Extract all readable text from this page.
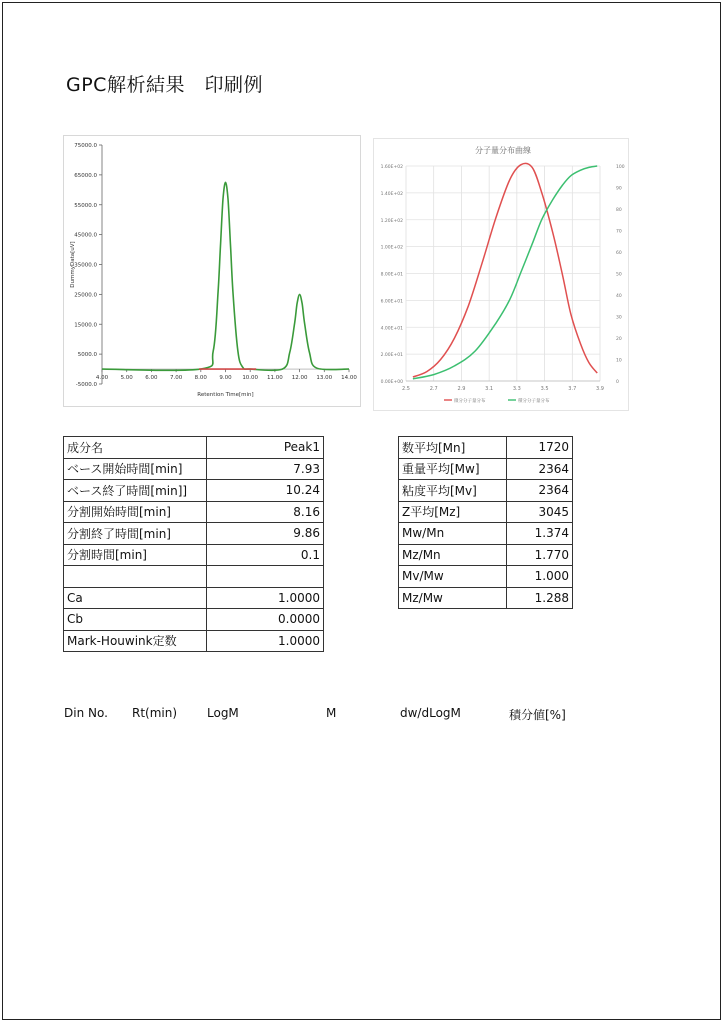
GPC解析結果　印刷例
-5000.0
5000.0
15000.0
25000.0
35000.0
45000.0
55000.0
65000.0
75000.0
4.00 5.00 6.00 7.00 8.00 9.00 10.00 11.00 12.00 13.00 14.00
Retention Time[min]
DummyData[uV]
分子量分布曲線
2.5	2.7	2.9	3.1	3.3	3.5	3.7	3.9
0.00E+00
2.00E+01
4.00E+01
6.00E+01
8.00E+01
1.00E+02
1.20E+02
1.40E+02
1.60E+02
0
10
20
30
40
50
60
70
80
90
100
微分分子量分布	積分分子量分布
成分名	Peak1
ベース開始時間[min]	7.93
ベース終了時間[min]]	10.24
分割開始時間[min]	8.16
分割終了時間[min]	9.86
分割時間[min]	0.1

Ca	1.0000
Cb	0.0000
Mark-Houwink定数	1.0000
数平均[Mn]	1720
重量平均[Mw]	2364
粘度平均[Mv]	2364
Z平均[Mz]	3045
Mw/Mn	1.374
Mz/Mn	1.770
Mv/Mw	1.000
Mz/Mw	1.288
Din No. Rt(min) LogM	M	dw/dLogM	積分値[%]
